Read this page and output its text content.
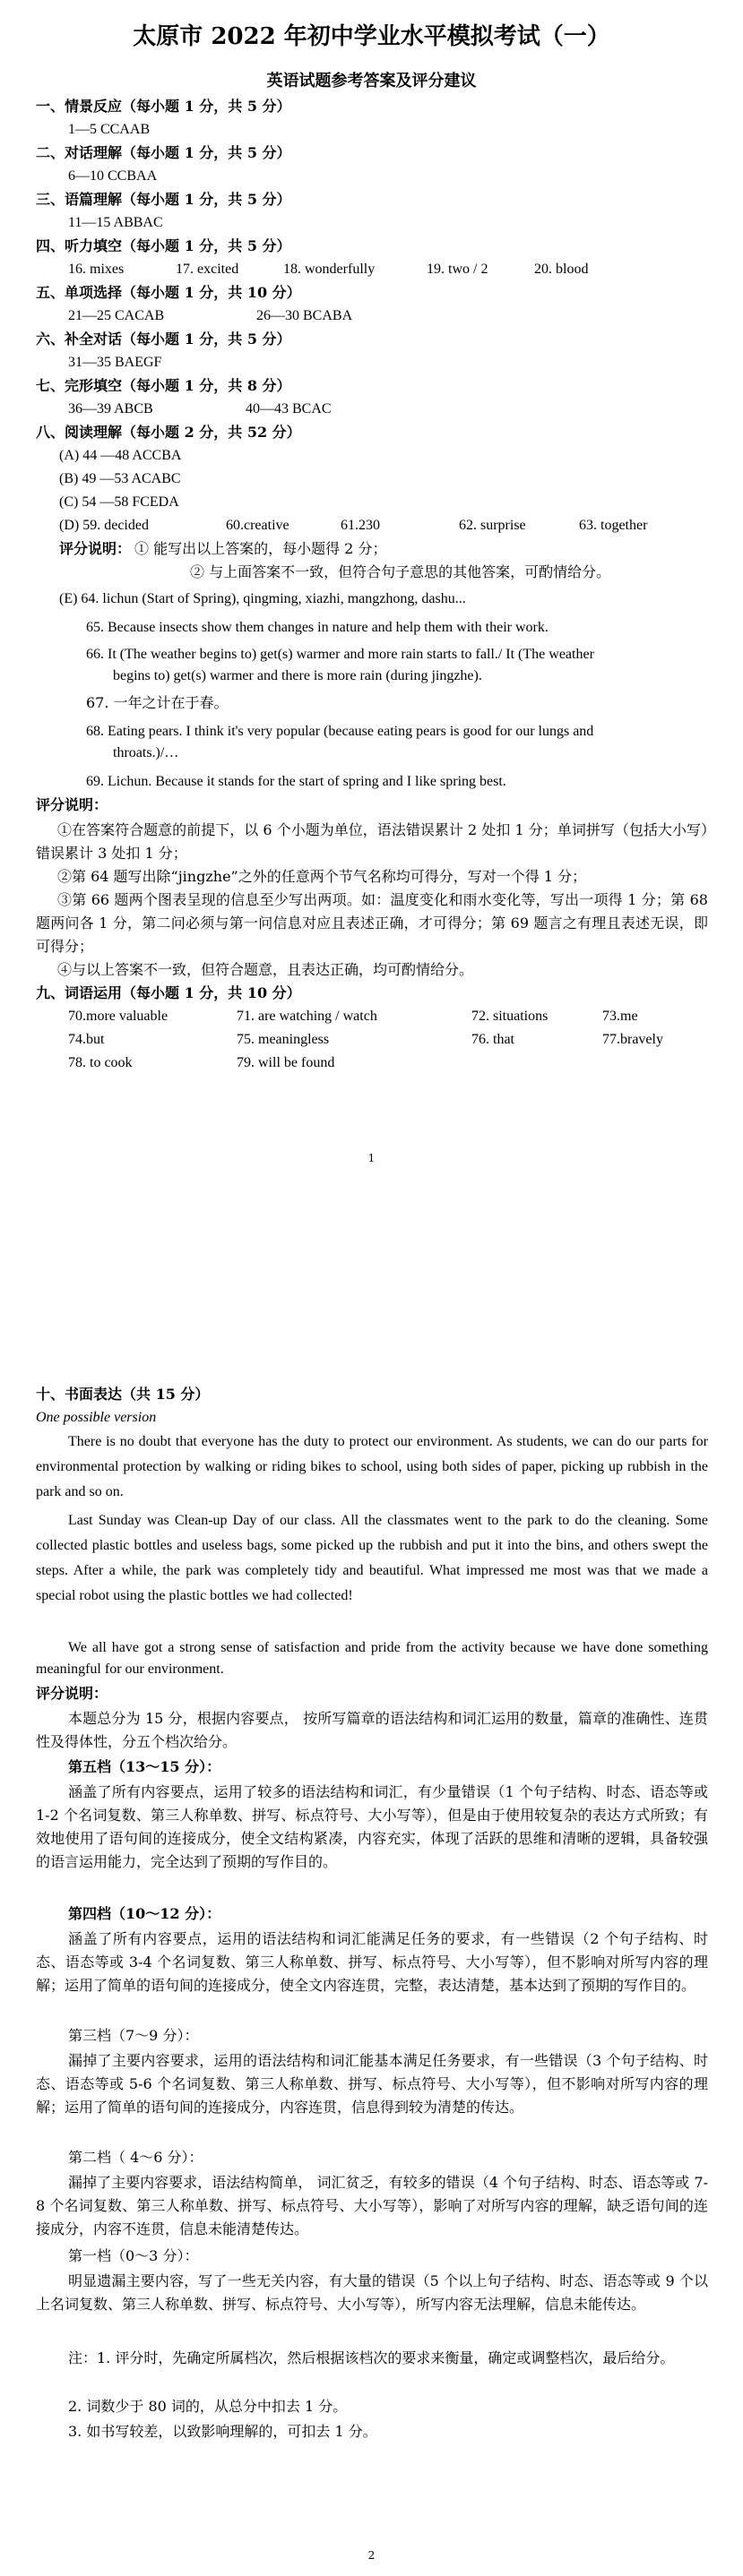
太原市 2022 年初中学业水平模拟考试（一）
英语试题参考答案及评分建议
一、情景反应（每小题 1 分，共 5 分）
1—5 CCAAB
二、对话理解（每小题 1 分，共 5 分）
6—10 CCBAA
三、语篇理解（每小题 1 分，共 5 分）
11—15 ABBAC
四、听力填空（每小题 1 分，共 5 分）
16. mixes	17. excited	18. wonderfully	19. two / 2	20. blood
五、单项选择（每小题 1 分，共 10 分）
21—25 CACAB	26—30 BCABA
六、补全对话（每小题 1 分，共 5 分）
31—35 BAEGF
七、完形填空（每小题 1 分，共 8 分）
36—39 ABCB	40—43 BCAC
八、阅读理解（每小题 2 分，共 52 分）
(A) 44 —48 ACCBA
(B) 49 —53 ACABC
(C) 54 —58 FCEDA
(D) 59. decided	60.creative	61.230	62. surprise	63. together
评分说明： ① 能写出以上答案的，每小题得 2 分；
② 与上面答案不一致，但符合句子意思的其他答案，可酌情给分。
(E) 64. lichun (Start of Spring), qingming, xiazhi, mangzhong, dashu...
65. Because insects show them changes in nature and help them with their work.
66. It (The weather begins to) get(s) warmer and more rain starts to fall./ It (The weather
begins to) get(s) warmer and there is more rain (during jingzhe).
67. 一年之计在于春。
68. Eating pears. I think it's very popular (because eating pears is good for our lungs and
throats.)/…
69. Lichun. Because it stands for the start of spring and I like spring best.
评分说明：
①在答案符合题意的前提下，以 6 个小题为单位，语法错误累计 2 处扣 1 分；单词拼写（包括大小写）错误累计 3 处扣 1 分；
②第 64 题写出除“jingzhe”之外的任意两个节气名称均可得分，写对一个得 1 分；
③第 66 题两个图表呈现的信息至少写出两项。如：温度变化和雨水变化等，写出一项得 1 分；第 68 题两问各 1 分，第二问必须与第一问信息对应且表述正确，才可得分；第 69 题言之有理且表述无误，即可得分；
④与以上答案不一致，但符合题意，且表达正确，均可酌情给分。
九、词语运用（每小题 1 分，共 10 分）
70.more valuable	71. are watching / watch	72. situations	73.me
74.but	75. meaningless	76. that	77.bravely
78. to cook	79. will be found
1
十、书面表达（共 15 分）
One possible version
There is no doubt that everyone has the duty to protect our environment. As students, we can do our parts for environmental protection by walking or riding bikes to school, using both sides of paper, picking up rubbish in the park and so on.
Last Sunday was Clean-up Day of our class. All the classmates went to the park to do the cleaning. Some collected plastic bottles and useless bags, some picked up the rubbish and put it into the bins, and others swept the steps. After a while, the park was completely tidy and beautiful. What impressed me most was that we made a special robot using the plastic bottles we had collected!
We all have got a strong sense of satisfaction and pride from the activity because we have done something meaningful for our environment.
评分说明：
本题总分为 15 分，根据内容要点， 按所写篇章的语法结构和词汇运用的数量，篇章的准确性、连贯性及得体性，分五个档次给分。
第五档（13～15 分）：
涵盖了所有内容要点，运用了较多的语法结构和词汇，有少量错误（1 个句子结构、时态、语态等或 1-2 个名词复数、第三人称单数、拼写、标点符号、大小写等），但是由于使用较复杂的表达方式所致；有效地使用了语句间的连接成分，使全文结构紧凑，内容充实，体现了活跃的思维和清晰的逻辑，具备较强的语言运用能力，完全达到了预期的写作目的。
第四档（10～12 分）：
涵盖了所有内容要点，运用的语法结构和词汇能满足任务的要求，有一些错误（2 个句子结构、时态、语态等或 3-4 个名词复数、第三人称单数、拼写、标点符号、大小写等），但不影响对所写内容的理解；运用了简单的语句间的连接成分，使全文内容连贯，完整，表达清楚，基本达到了预期的写作目的。
第三档（7～9 分）：
漏掉了主要内容要求，运用的语法结构和词汇能基本满足任务要求，有一些错误（3 个句子结构、时态、语态等或 5-6 个名词复数、第三人称单数、拼写、标点符号、大小写等），但不影响对所写内容的理解；运用了简单的语句间的连接成分，内容连贯，信息得到较为清楚的传达。
第二档（ 4～6 分）：
漏掉了主要内容要求，语法结构简单， 词汇贫乏，有较多的错误（4 个句子结构、时态、语态等或 7-8 个名词复数、第三人称单数、拼写、标点符号、大小写等），影响了对所写内容的理解，缺乏语句间的连接成分，内容不连贯，信息未能清楚传达。
第一档（0～3 分）：
明显遗漏主要内容，写了一些无关内容，有大量的错误（5 个以上句子结构、时态、语态等或 9 个以上名词复数、第三人称单数、拼写、标点符号、大小写等），所写内容无法理解，信息未能传达。
注：1. 评分时，先确定所属档次，然后根据该档次的要求来衡量，确定或调整档次，最后给分。
2. 词数少于 80 词的，从总分中扣去 1 分。
3. 如书写较差，以致影响理解的，可扣去 1 分。
2
